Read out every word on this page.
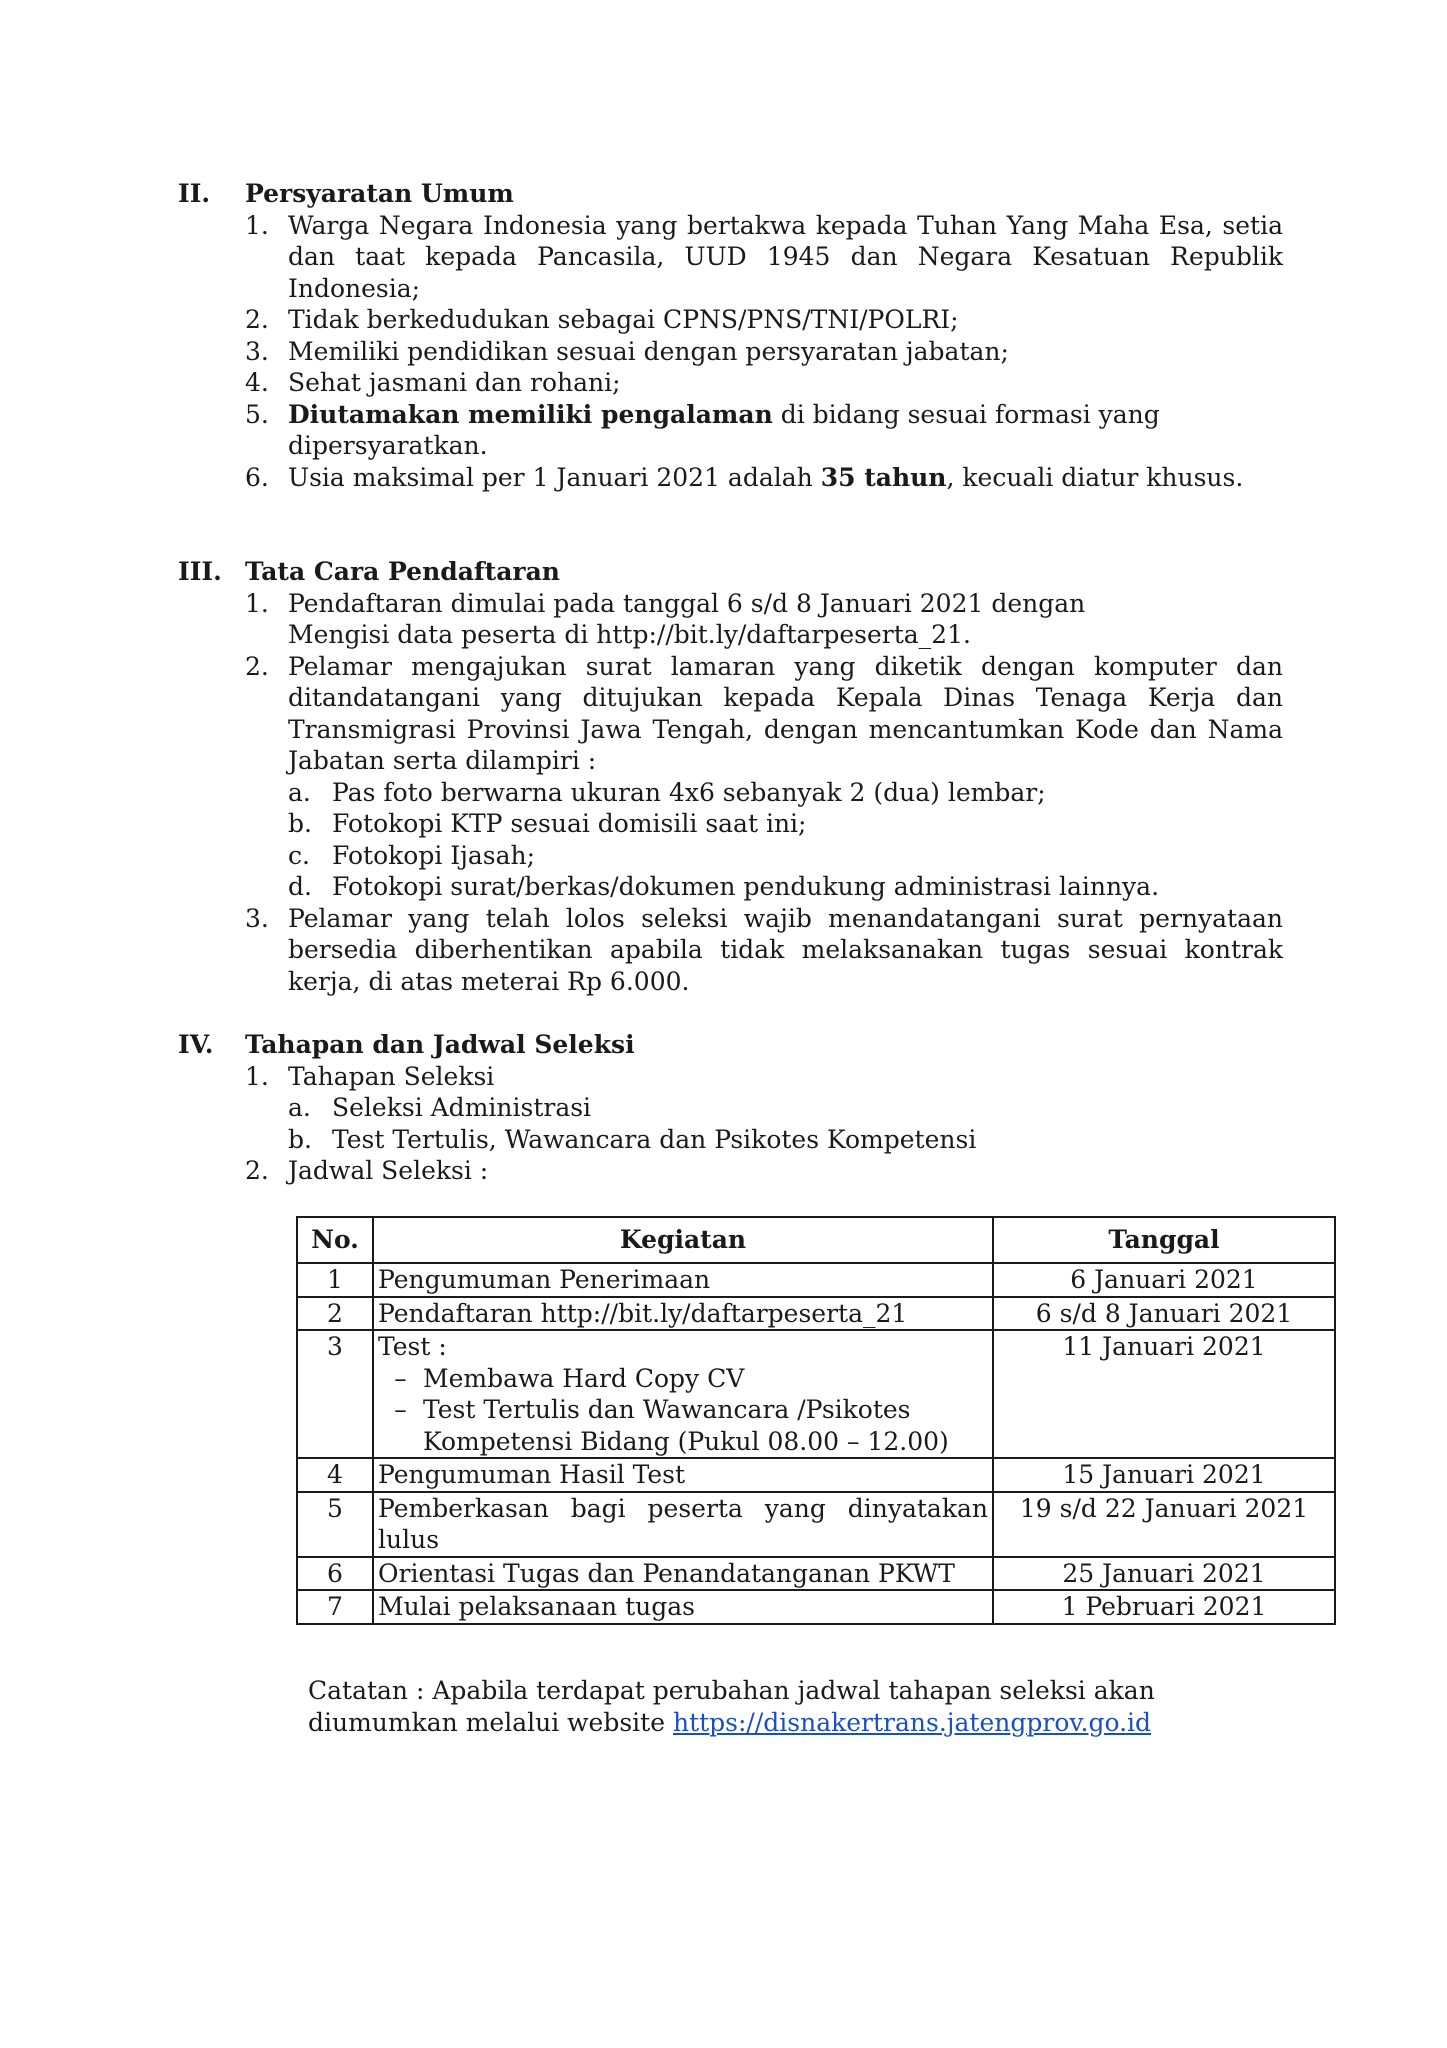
II.	Persyaratan Umum
1. Warga Negara Indonesia yang bertakwa kepada Tuhan Yang Maha Esa, setia dan taat kepada Pancasila, UUD 1945 dan Negara Kesatuan Republik Indonesia;
2. Tidak berkedudukan sebagai CPNS/PNS/TNI/POLRI;
3. Memiliki pendidikan sesuai dengan persyaratan jabatan;
4. Sehat jasmani dan rohani;
5. Diutamakan memiliki pengalaman di bidang sesuai formasi yang dipersyaratkan.
6. Usia maksimal per 1 Januari 2021 adalah 35 tahun, kecuali diatur khusus.
III. Tata Cara Pendaftaran
1. Pendaftaran dimulai pada tanggal 6 s/d 8 Januari 2021 dengan Mengisi data peserta di http://bit.ly/daftarpeserta_21.
2. Pelamar mengajukan surat lamaran yang diketik dengan komputer dan ditandatangani yang ditujukan kepada Kepala Dinas Tenaga Kerja dan Transmigrasi Provinsi Jawa Tengah, dengan mencantumkan Kode dan Nama Jabatan serta dilampiri :
a. Pas foto berwarna ukuran 4x6 sebanyak 2 (dua) lembar;
b. Fotokopi KTP sesuai domisili saat ini;
c. Fotokopi Ijasah;
d. Fotokopi surat/berkas/dokumen pendukung administrasi lainnya.
3. Pelamar yang telah lolos seleksi wajib menandatangani surat pernyataan bersedia diberhentikan apabila tidak melaksanakan tugas sesuai kontrak kerja, di atas meterai Rp 6.000.
IV.	Tahapan dan Jadwal Seleksi
1. Tahapan Seleksi
a. Seleksi Administrasi
b. Test Tertulis, Wawancara dan Psikotes Kompetensi
2. Jadwal Seleksi :
No.	Kegiatan	Tanggal
1	Pengumuman Penerimaan	6 Januari 2021
2	Pendaftaran http://bit.ly/daftarpeserta_21	6 s/d 8 Januari 2021
3	Test :
– Membawa Hard Copy CV
– Test Tertulis dan Wawancara /Psikotes Kompetensi Bidang (Pukul 08.00 – 12.00)	11 Januari 2021
4	Pengumuman Hasil Test	15 Januari 2021
5	Pemberkasan bagi peserta yang dinyatakan lulus	19 s/d 22 Januari 2021
6	Orientasi Tugas dan Penandatanganan PKWT	25 Januari 2021
7	Mulai pelaksanaan tugas	1 Pebruari 2021
Catatan : Apabila terdapat perubahan jadwal tahapan seleksi akan diumumkan melalui website https://disnakertrans.jatengprov.go.id
